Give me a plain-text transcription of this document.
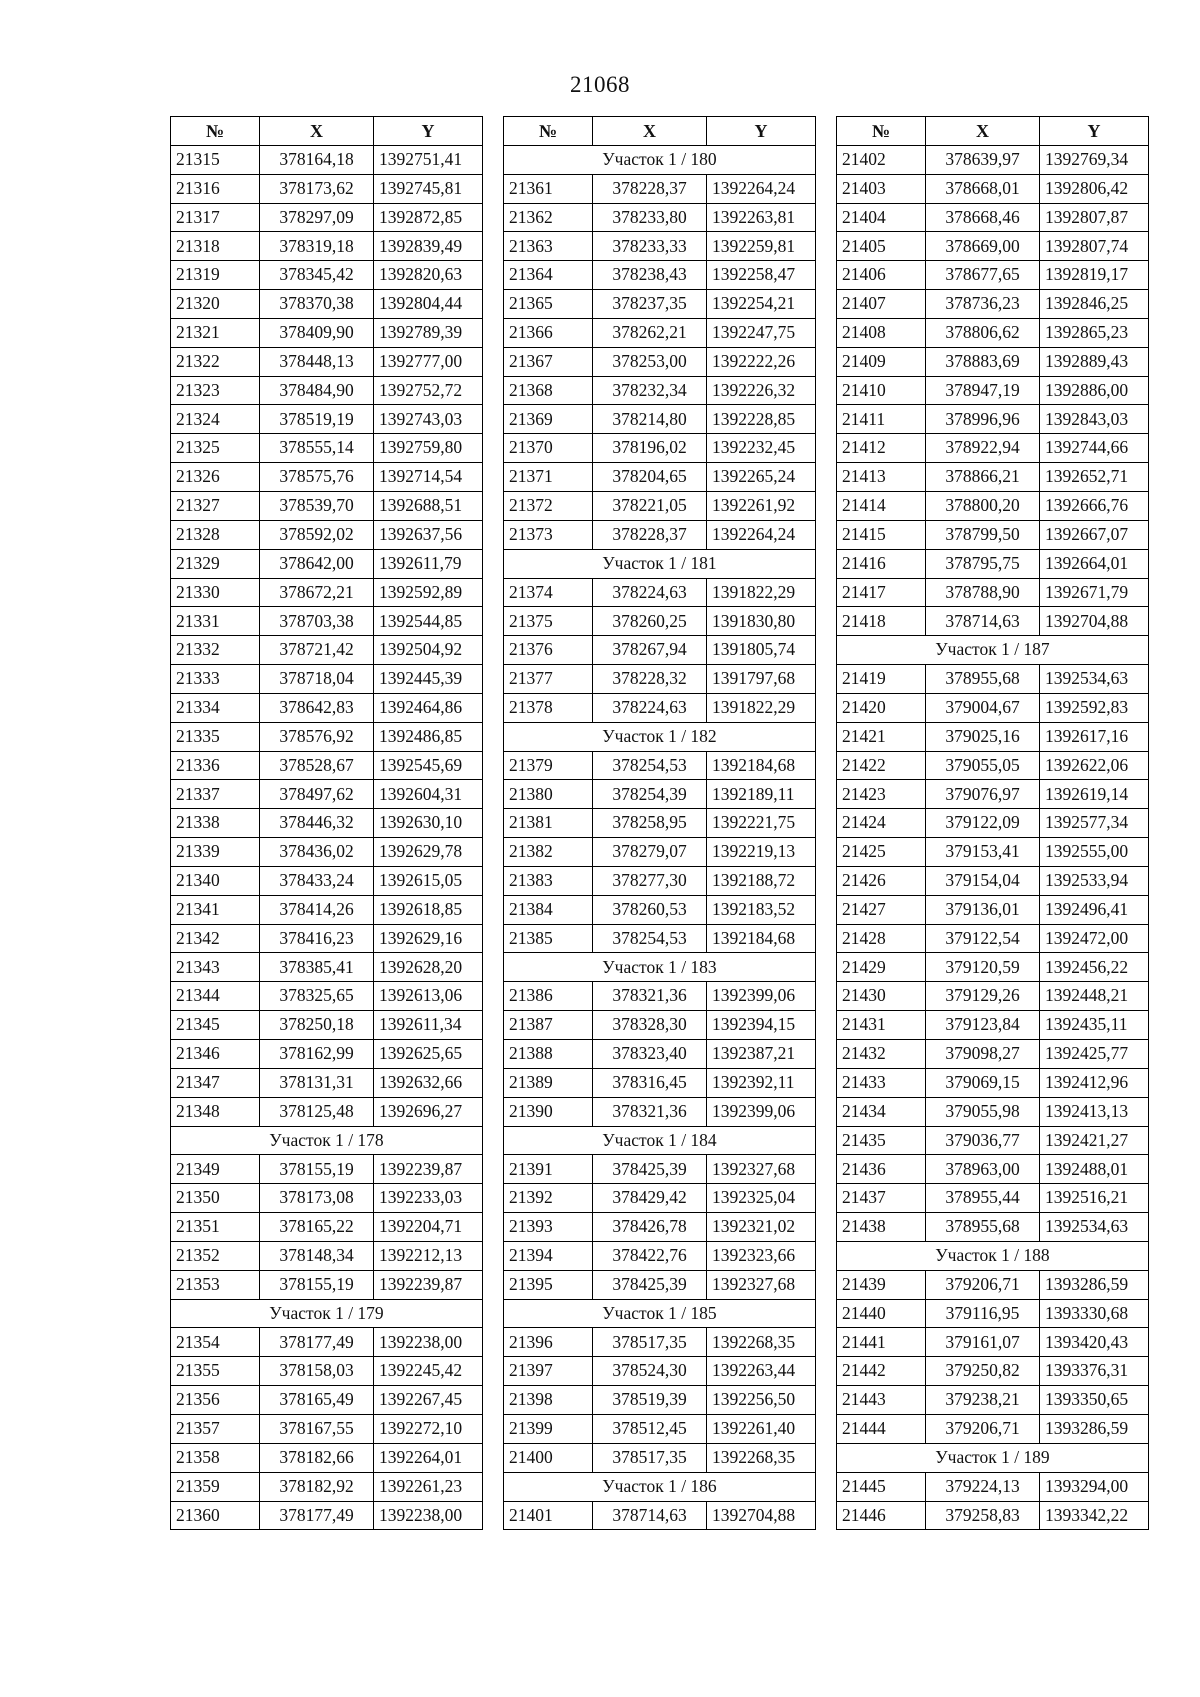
21068
№	X	Y
21315	378164,18	1392751,41
21316	378173,62	1392745,81
21317	378297,09	1392872,85
21318	378319,18	1392839,49
21319	378345,42	1392820,63
21320	378370,38	1392804,44
21321	378409,90	1392789,39
21322	378448,13	1392777,00
21323	378484,90	1392752,72
21324	378519,19	1392743,03
21325	378555,14	1392759,80
21326	378575,76	1392714,54
21327	378539,70	1392688,51
21328	378592,02	1392637,56
21329	378642,00	1392611,79
21330	378672,21	1392592,89
21331	378703,38	1392544,85
21332	378721,42	1392504,92
21333	378718,04	1392445,39
21334	378642,83	1392464,86
21335	378576,92	1392486,85
21336	378528,67	1392545,69
21337	378497,62	1392604,31
21338	378446,32	1392630,10
21339	378436,02	1392629,78
21340	378433,24	1392615,05
21341	378414,26	1392618,85
21342	378416,23	1392629,16
21343	378385,41	1392628,20
21344	378325,65	1392613,06
21345	378250,18	1392611,34
21346	378162,99	1392625,65
21347	378131,31	1392632,66
21348	378125,48	1392696,27
Участок 1 / 178		
21349	378155,19	1392239,87
21350	378173,08	1392233,03
21351	378165,22	1392204,71
21352	378148,34	1392212,13
21353	378155,19	1392239,87
Участок 1 / 179		
21354	378177,49	1392238,00
21355	378158,03	1392245,42
21356	378165,49	1392267,45
21357	378167,55	1392272,10
21358	378182,66	1392264,01
21359	378182,92	1392261,23
21360	378177,49	1392238,00
№	X	Y
Участок 1 / 180		
21361	378228,37	1392264,24
21362	378233,80	1392263,81
21363	378233,33	1392259,81
21364	378238,43	1392258,47
21365	378237,35	1392254,21
21366	378262,21	1392247,75
21367	378253,00	1392222,26
21368	378232,34	1392226,32
21369	378214,80	1392228,85
21370	378196,02	1392232,45
21371	378204,65	1392265,24
21372	378221,05	1392261,92
21373	378228,37	1392264,24
Участок 1 / 181		
21374	378224,63	1391822,29
21375	378260,25	1391830,80
21376	378267,94	1391805,74
21377	378228,32	1391797,68
21378	378224,63	1391822,29
Участок 1 / 182		
21379	378254,53	1392184,68
21380	378254,39	1392189,11
21381	378258,95	1392221,75
21382	378279,07	1392219,13
21383	378277,30	1392188,72
21384	378260,53	1392183,52
21385	378254,53	1392184,68
Участок 1 / 183		
21386	378321,36	1392399,06
21387	378328,30	1392394,15
21388	378323,40	1392387,21
21389	378316,45	1392392,11
21390	378321,36	1392399,06
Участок 1 / 184		
21391	378425,39	1392327,68
21392	378429,42	1392325,04
21393	378426,78	1392321,02
21394	378422,76	1392323,66
21395	378425,39	1392327,68
Участок 1 / 185		
21396	378517,35	1392268,35
21397	378524,30	1392263,44
21398	378519,39	1392256,50
21399	378512,45	1392261,40
21400	378517,35	1392268,35
Участок 1 / 186		
21401	378714,63	1392704,88
№	X	Y
21402	378639,97	1392769,34
21403	378668,01	1392806,42
21404	378668,46	1392807,87
21405	378669,00	1392807,74
21406	378677,65	1392819,17
21407	378736,23	1392846,25
21408	378806,62	1392865,23
21409	378883,69	1392889,43
21410	378947,19	1392886,00
21411	378996,96	1392843,03
21412	378922,94	1392744,66
21413	378866,21	1392652,71
21414	378800,20	1392666,76
21415	378799,50	1392667,07
21416	378795,75	1392664,01
21417	378788,90	1392671,79
21418	378714,63	1392704,88
Участок 1 / 187		
21419	378955,68	1392534,63
21420	379004,67	1392592,83
21421	379025,16	1392617,16
21422	379055,05	1392622,06
21423	379076,97	1392619,14
21424	379122,09	1392577,34
21425	379153,41	1392555,00
21426	379154,04	1392533,94
21427	379136,01	1392496,41
21428	379122,54	1392472,00
21429	379120,59	1392456,22
21430	379129,26	1392448,21
21431	379123,84	1392435,11
21432	379098,27	1392425,77
21433	379069,15	1392412,96
21434	379055,98	1392413,13
21435	379036,77	1392421,27
21436	378963,00	1392488,01
21437	378955,44	1392516,21
21438	378955,68	1392534,63
Участок 1 / 188		
21439	379206,71	1393286,59
21440	379116,95	1393330,68
21441	379161,07	1393420,43
21442	379250,82	1393376,31
21443	379238,21	1393350,65
21444	379206,71	1393286,59
Участок 1 / 189		
21445	379224,13	1393294,00
21446	379258,83	1393342,22
